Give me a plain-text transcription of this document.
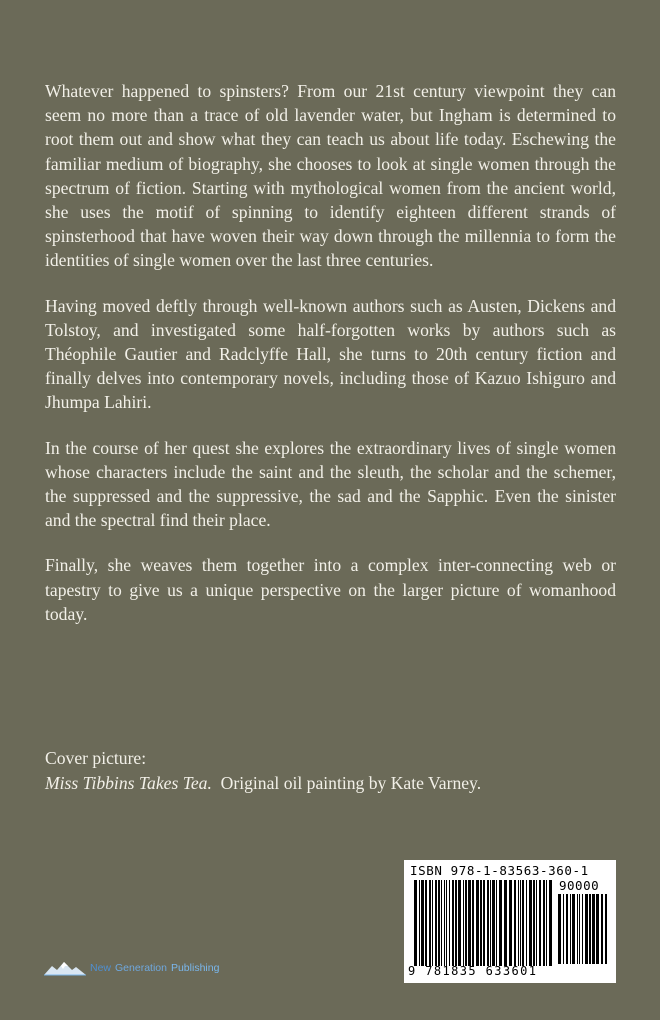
Whatever happened to spinsters? From our 21st century viewpoint they can seem no more than a trace of old lavender water, but Ingham is determined to root them out and show what they can teach us about life today. Eschewing the familiar medium of biography, she chooses to look at single women through the spectrum of fiction. Starting with mythological women from the ancient world, she uses the motif of spinning to identify eighteen different strands of spinsterhood that have woven their way down through the millennia to form the identities of single women over the last three centuries.

Having moved deftly through well-known authors such as Austen, Dickens and Tolstoy, and investigated some half-forgotten works by authors such as Théophile Gautier and Radclyffe Hall, she turns to 20th century fiction and finally delves into contemporary novels, including those of Kazuo Ishiguro and Jhumpa Lahiri.

In the course of her quest she explores the extraordinary lives of single women whose characters include the saint and the sleuth, the scholar and the schemer, the suppressed and the suppressive, the sad and the Sapphic. Even the sinister and the spectral find their place.

Finally, she weaves them together into a complex inter-connecting web or tapestry to give us a unique perspective on the larger picture of womanhood today.

Cover picture:
Miss Tibbins Takes Tea. Original oil painting by Kate Varney.
New Generation Publishing
ISBN 978-1-83563-360-1
90000
9 781835 633601
